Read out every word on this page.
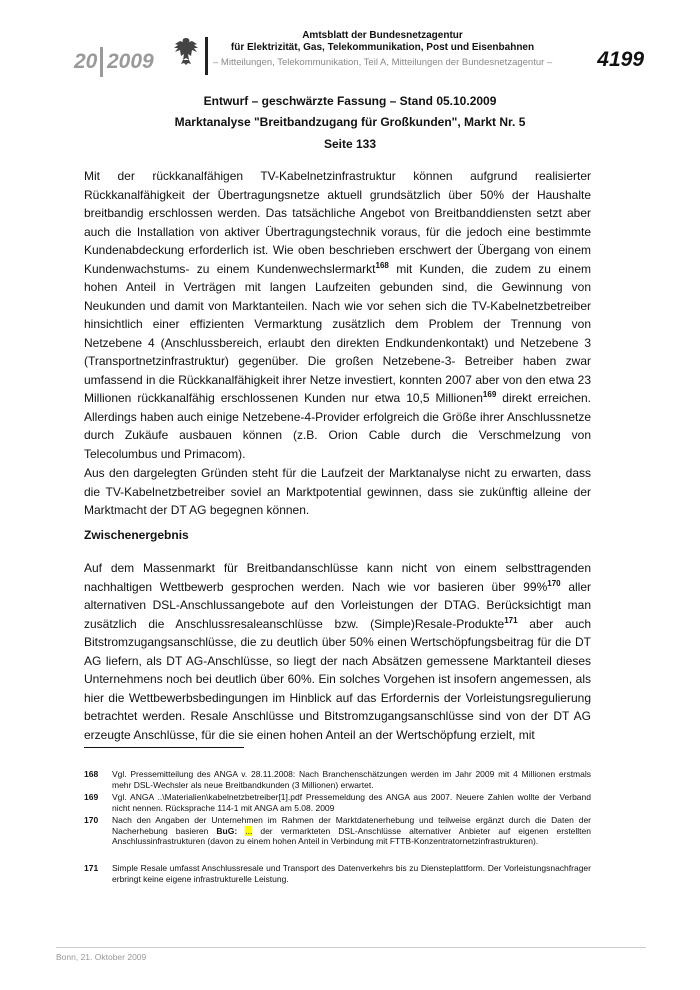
20 2009
Amtsblatt der Bundesnetzagentur
für Elektrizität, Gas, Telekommunikation, Post und Eisenbahnen
– Mitteilungen, Telekommunikation, Teil A, Mitteilungen der Bundesnetzagentur – 4199
Entwurf – geschwärzte Fassung – Stand 05.10.2009
Marktanalyse "Breitbandzugang für Großkunden", Markt Nr. 5
Seite 133
Mit der rückkanalfähigen TV-Kabelnetzinfrastruktur können aufgrund realisierter Rückkanalfähigkeit der Übertragungsnetze aktuell grundsätzlich über 50% der Haushalte breitbandig erschlossen werden. Das tatsächliche Angebot von Breitbanddiensten setzt aber auch die Installation von aktiver Übertragungstechnik voraus, für die jedoch eine bestimmte Kundenabdeckung erforderlich ist. Wie oben beschrieben erschwert der Übergang von einem Kundenwachstums- zu einem Kundenwechslermarkt$^{168}$ mit Kunden, die zudem zu einem hohen Anteil in Verträgen mit langen Laufzeiten gebunden sind, die Gewinnung von Neukunden und damit von Marktanteilen. Nach wie vor sehen sich die TV-Kabelnetzbetreiber hinsichtlich einer effizienten Vermarktung zusätzlich dem Problem der Trennung von Netzebene 4 (Anschlussbereich, erlaubt den direkten Endkundenkontakt) und Netzebene 3 (Transportnetzinfrastruktur) gegenüber. Die großen Netzebene-3- Betreiber haben zwar umfassend in die Rückkanalfähigkeit ihrer Netze investiert, konnten 2007 aber von den etwa 23 Millionen rückkanalfähig erschlossenen Kunden nur etwa 10,5 Millionen$^{169}$ direkt erreichen. Allerdings haben auch einige Netzebene-4-Provider erfolgreich die Größe ihrer Anschlussnetze durch Zukäufe ausbauen können (z.B. Orion Cable durch die Verschmelzung von Telecolumbus und Primacom).
Aus den dargelegten Gründen steht für die Laufzeit der Marktanalyse nicht zu erwarten, dass die TV-Kabelnetzbetreiber soviel an Marktpotential gewinnen, dass sie zukünftig alleine der Marktmacht der DT AG begegnen können.
Zwischenergebnis
Auf dem Massenmarkt für Breitbandanschlüsse kann nicht von einem selbsttragenden nachhaltigen Wettbewerb gesprochen werden. Nach wie vor basieren über 99%$^{170}$ aller alternativen DSL-Anschlussangebote auf den Vorleistungen der DTAG. Berücksichtigt man zusätzlich die Anschlussresaleanschlüsse bzw. (Simple)Resale-Produkte$^{171}$ aber auch Bitstromzugangsanschlüsse, die zu deutlich über 50% einen Wertschöpfungsbeitrag für die DT AG liefern, als DT AG-Anschlüsse, so liegt der nach Absätzen gemessene Marktanteil dieses Unternehmens noch bei deutlich über 60%. Ein solches Vorgehen ist insofern angemessen, als hier die Wettbewerbsbedingungen im Hinblick auf das Erfordernis der Vorleistungsregulierung betrachtet werden. Resale Anschlüsse und Bitstromzugangsanschlüsse sind von der DT AG erzeugte Anschlüsse, für die sie einen hohen Anteil an der Wertschöpfung erzielt, mit
168 Vgl. Pressemitteilung des ANGA v. 28.11.2008: Nach Branchenschätzungen werden im Jahr 2009 mit 4 Millionen erstmals mehr DSL-Wechsler als neue Breitbandkunden (3 Millionen) erwartet.
169 Vgl. ANGA ..\Materialien\kabelnetzbetreiber[1].pdf Pressemeldung des ANGA aus 2007. Neuere Zahlen wollte der Verband nicht nennen. Rücksprache 114-1 mit ANGA am 5.08. 2009
170 Nach den Angaben der Unternehmen im Rahmen der Marktdatenerhebung und teilweise ergänzt durch die Daten der Nacherhebung basieren BuG: ... der vermarkteten DSL-Anschlüsse alternativer Anbieter auf eigenen erstellten Anschlussinfrastrukturen (davon zu einem hohen Anteil in Verbindung mit FTTB-Konzentratornetzinfrastrukturen).
171 Simple Resale umfasst Anschlussresale und Transport des Datenverkehrs bis zu Diensteplattform. Der Vorleistungsnachfrager erbringt keine eigene infrastrukturelle Leistung.
Bonn, 21. Oktober 2009
